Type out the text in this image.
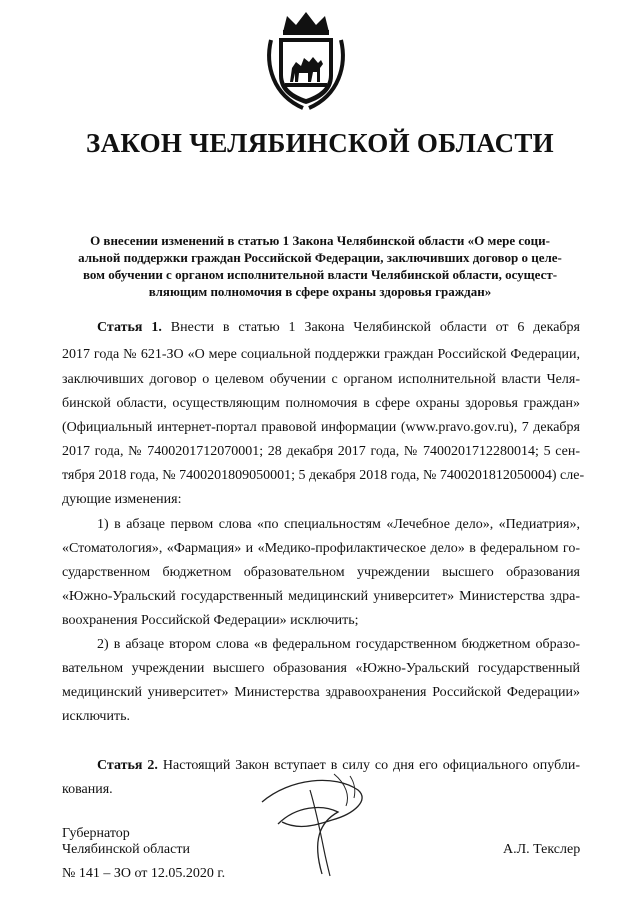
ЗАКОН ЧЕЛЯБИНСКОЙ ОБЛАСТИ
О внесении изменений в статью 1 Закона Челябинской области «О мере соци-
альной поддержки граждан Российской Федерации, заключивших договор о целе-
вом обучении с органом исполнительной власти Челябинской области, осущест-
вляющим полномочия в сфере охраны здоровья граждан»
Статья 1. Внести в статью 1 Закона Челябинской области от 6 декабря
2017 года № 621-ЗО «О мере социальной поддержки граждан Российской Федерации,
заключивших договор о целевом обучении с органом исполнительной власти Челя-
бинской области, осуществляющим полномочия в сфере охраны здоровья граждан»
(Официальный интернет-портал правовой информации (www.pravo.gov.ru), 7 декабря
2017 года, № 7400201712070001; 28 декабря 2017 года, № 7400201712280014; 5 сен-
тября 2018 года, № 7400201809050001; 5 декабря 2018 года, № 7400201812050004) сле-
дующие изменения:
1) в абзаце первом слова «по специальностям «Лечебное дело», «Педиатрия»,
«Стоматология», «Фармация» и «Медико-профилактическое дело» в федеральном го-
сударственном бюджетном образовательном учреждении высшего образования
«Южно-Уральский государственный медицинский университет» Министерства здра-
воохранения Российской Федерации» исключить;
2) в абзаце втором слова «в федеральном государственном бюджетном образо-
вательном учреждении высшего образования «Южно-Уральский государственный
медицинский университет» Министерства здравоохранения Российской Федерации»
исключить.
Статья 2. Настоящий Закон вступает в силу со дня его официального опубли-
кования.
Губернатор
Челябинской области	А.Л. Текслер
№ 141 – ЗО от 12.05.2020 г.
